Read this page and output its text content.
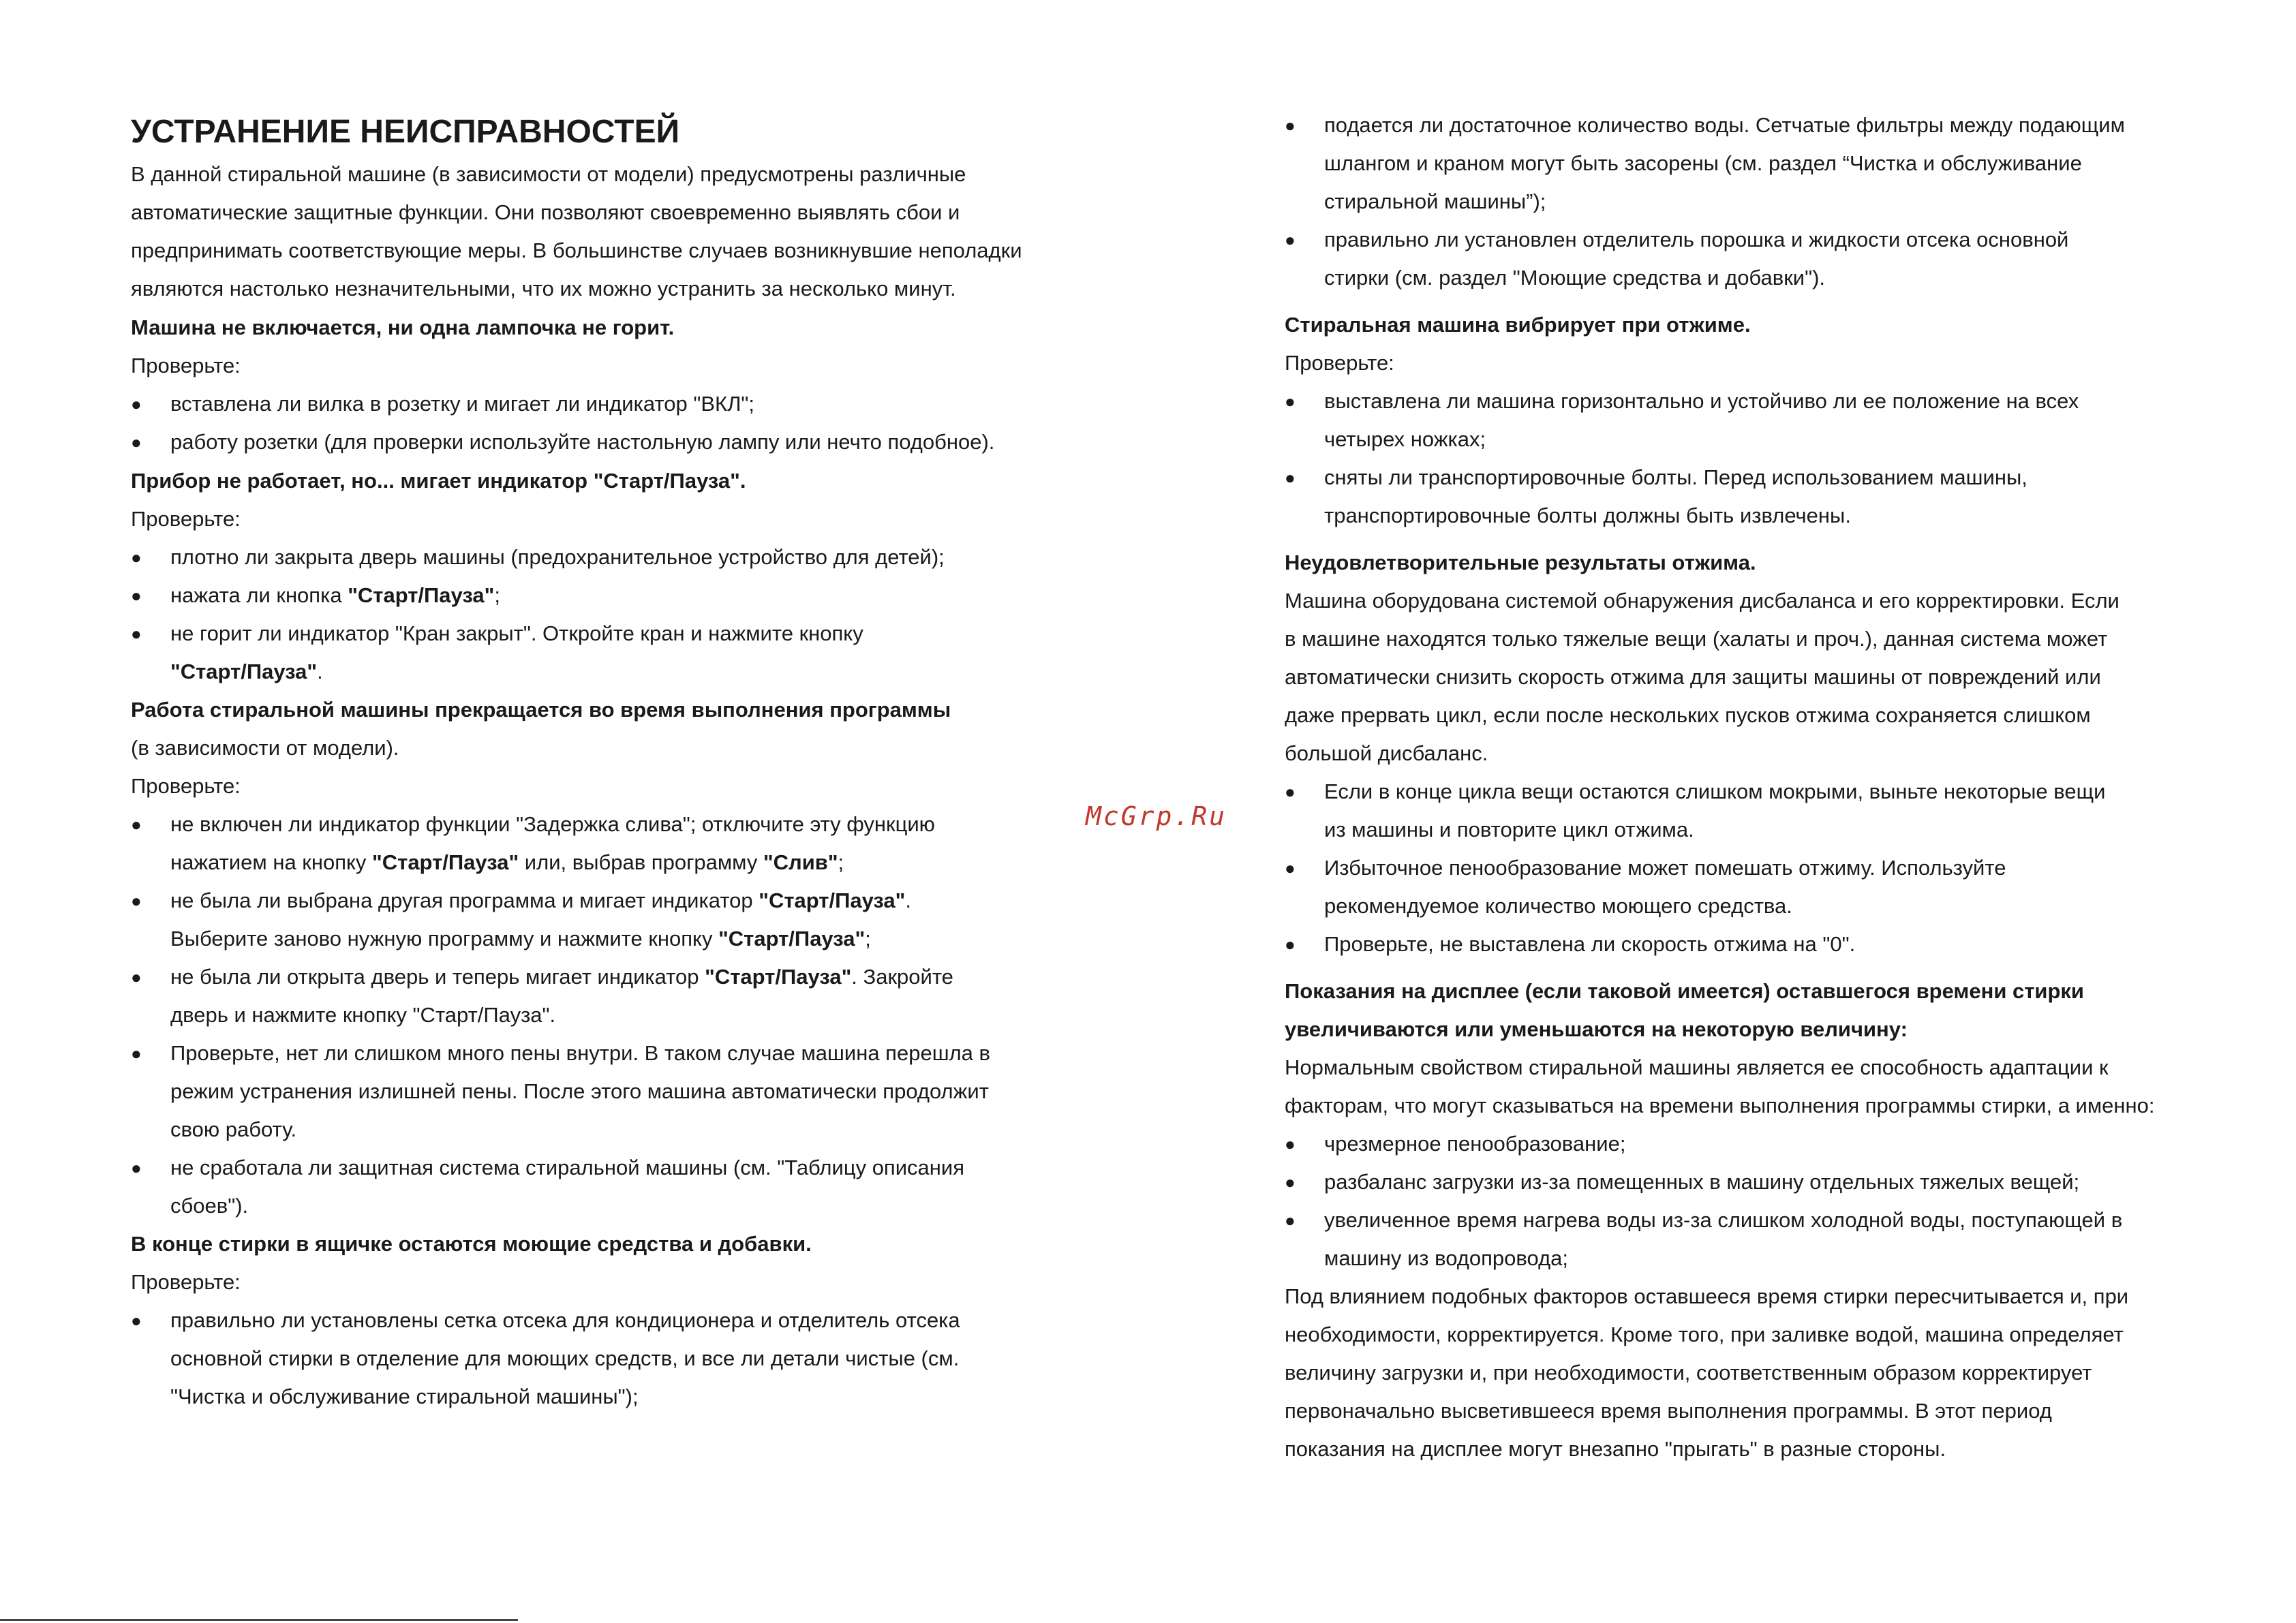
УСТРАНЕНИЕ НЕИСПРАВНОСТЕЙ
В данной стиральной машине (в зависимости от модели) предусмотрены различные
автоматические защитные функции. Они позволяют своевременно выявлять сбои и
предпринимать соответствующие меры. В большинстве случаев возникнувшие неполадки
являются настолько незначительными, что их можно устранить за несколько минут.
Машина не включается, ни одна лампочка не горит.
Проверьте:
● вставлена ли вилка в розетку и мигает ли индикатор "ВКЛ";
● работу розетки (для проверки используйте настольную лампу или нечто подобное).
Прибор не работает, но... мигает индикатор "Старт/Пауза".
Проверьте:
● плотно ли закрыта дверь машины (предохранительное устройство для детей);
● нажата ли кнопка "Старт/Пауза";
● не горит ли индикатор "Кран закрыт". Откройте кран и нажмите кнопку
"Старт/Пауза".
Работа стиральной машины прекращается во время выполнения программы
(в зависимости от модели).
Проверьте:
● не включен ли индикатор функции "Задержка слива"; отключите эту функцию
нажатием на кнопку "Старт/Пауза" или, выбрав программу "Слив";
● не была ли выбрана другая программа и мигает индикатор "Старт/Пауза".
Выберите заново нужную программу и нажмите кнопку "Старт/Пауза";
● не была ли открыта дверь и теперь мигает индикатор "Старт/Пауза". Закройте
дверь и нажмите кнопку "Старт/Пауза".
● Проверьте, нет ли слишком много пены внутри. В таком случае машина перешла в
режим устранения излишней пены. После этого машина автоматически продолжит
свою работу.
● не сработала ли защитная система стиральной машины (см. "Таблицу описания
сбоев").
В конце стирки в ящичке остаются моющие средства и добавки.
Проверьте:
● правильно ли установлены сетка отсека для кондиционера и отделитель отсека
основной стирки в отделение для моющих средств, и все ли детали чистые (см.
"Чистка и обслуживание стиральной машины");
McGrp.Ru
● подается ли достаточное количество воды. Сетчатые фильтры между подающим
шлангом и краном могут быть засорены (см. раздел “Чистка и обслуживание
стиральной машины”);
● правильно ли установлен отделитель порошка и жидкости отсека основной
стирки (см. раздел "Моющие средства и добавки").
Стиральная машина вибрирует при отжиме.
Проверьте:
● выставлена ли машина горизонтально и устойчиво ли ее положение на всех
четырех ножках;
● сняты ли транспортировочные болты. Перед использованием машины,
транспортировочные болты должны быть извлечены.
Неудовлетворительные результаты отжима.
Машина оборудована системой обнаружения дисбаланса и его корректировки. Если
в машине находятся только тяжелые вещи (халаты и проч.), данная система может
автоматически снизить скорость отжима для защиты машины от повреждений или
даже прервать цикл, если после нескольких пусков отжима сохраняется слишком
большой дисбаланс.
● Если в конце цикла вещи остаются слишком мокрыми, выньте некоторые вещи
из машины и повторите цикл отжима.
● Избыточное пенообразование может помешать отжиму. Используйте
рекомендуемое количество моющего средства.
● Проверьте, не выставлена ли скорость отжима на "0".
Показания на дисплее (если таковой имеется) оставшегося времени стирки
увеличиваются или уменьшаются на некоторую величину:
Нормальным свойством стиральной машины является ее способность адаптации к
факторам, что могут сказываться на времени выполнения программы стирки, а именно:
● чрезмерное пенообразование;
● разбаланс загрузки из-за помещенных в машину отдельных тяжелых вещей;
● увеличенное время нагрева воды из-за слишком холодной воды, поступающей в
машину из водопровода;
Под влиянием подобных факторов оставшееся время стирки пересчитывается и, при
необходимости, корректируется. Кроме того, при заливке водой, машина определяет
величину загрузки и, при необходимости, соответственным образом корректирует
первоначально высветившееся время выполнения программы. В этот период
показания на дисплее могут внезапно "прыгать" в разные стороны.
